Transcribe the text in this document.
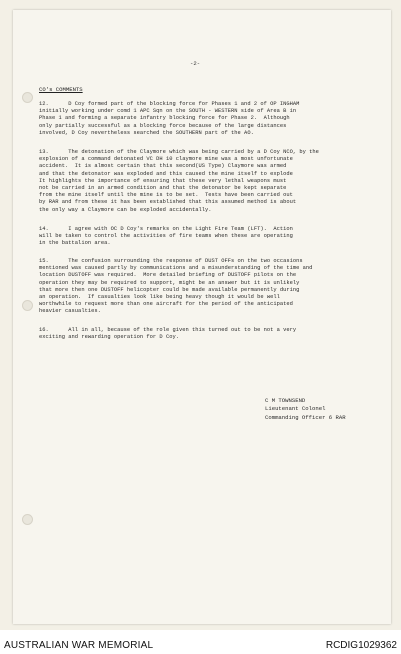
-2-
CO's COMMENTS

12.      D Coy formed part of the blocking force for Phases 1 and 2 of OP INGHAM
initially working under comd 1 APC Sqn on the SOUTH - WESTERN side of Area B in
Phase 1 and forming a separate infantry blocking force for Phase 2.  Although
only partially successful as a blocking force because of the large distances
involved, D Coy nevertheless searched the SOUTHERN part of the AO.

13.      The detonation of the Claymore which was being carried by a D Coy NCO, by the
explosion of a command detonated VC DH 10 claymore mine was a most unfortunate
accident.  It is almost certain that this second(US Type) Claymore was armed
and that the detonator was exploded and this caused the mine itself to explode
It highlights the importance of ensuring that these very lethal weapons must
not be carried in an armed condition and that the detonator be kept separate
from the mine itself until the mine is to be set.  Tests have been carried out
by RAR and from these it has been established that this assumed method is about
the only way a Claymore can be exploded accidentally.

14.      I agree with OC D Coy's remarks on the Light Fire Team (LFT).  Action
will be taken to control the activities of fire teams when these are operating
in the battalion area.

15.      The confusion surrounding the response of DUST OFFs on the two occasions
mentioned was caused partly by communications and a misunderstanding of the time and
location DUSTOFF was required.  More detailed briefing of DUSTOFF pilots on the
operation they may be required to support, might be an answer but it is unlikely
that more then one DUSTOFF helicopter could be made available permanently during
an operation.  If casualties look like being heavy though it would be well
worthwhile to request more than one aircraft for the period of the anticipated
heavier casualties.

16.      All in all, because of the role given this turned out to be not a very
exciting and rewarding operation for D Coy.

C M TOWNSEND
Lieutenant Colonel
Commanding Officer 6 RAR
AUSTRALIAN WAR MEMORIAL	RCDIG1029362
